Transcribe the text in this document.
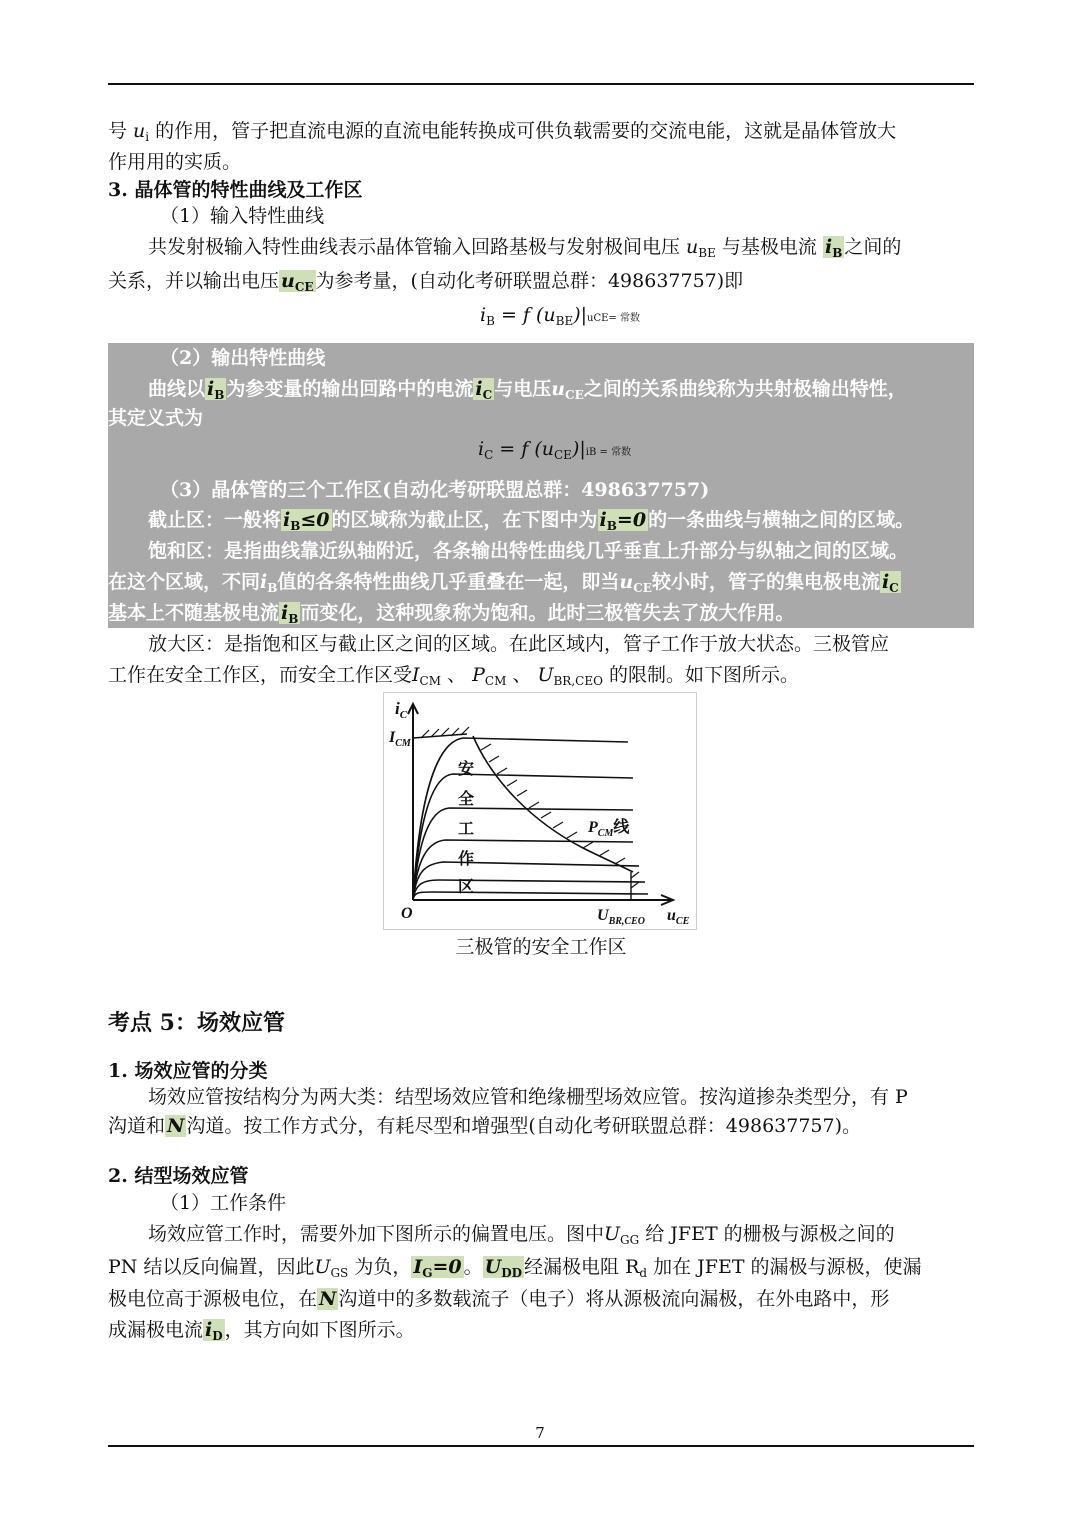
号 $u_i$ 的作用，管子把直流电源的直流电能转换成可供负载需要的交流电能，这就是晶体管放大
作用用的实质。
3. 晶体管的特性曲线及工作区
（1）输入特性曲线
共发射极输入特性曲线表示晶体管输入回路基极与发射极间电压 $u_{BE}$ 与基极电流 $i_B$ 之间的
关系，并以输出电压 $u_{CE}$ 为参考量，(自动化考研联盟总群：498637757)即
$i_B = f$ $(u_{BE})|uCE=$ 常数
（2）输出特性曲线
曲线以 $i_B$ 为参变量的输出回路中的电流 $i_C$ 与电压$u_{CE}$之间的关系曲线称为共射极输出特性，
其定义式为
$i_C = f$ $(u_{CE})|iB$ = 常数
（3）晶体管的三个工作区(自动化考研联盟总群：498637757)
截止区：一般将 $i_B\le 0$ 的区域称为截止区，在下图中为 $i_B=0$ 的一条曲线与横轴之间的区域。
饱和区：是指曲线靠近纵轴附近，各条输出特性曲线几乎垂直上升部分与纵轴之间的区域。
在这个区域，不同$i_B$值的各条特性曲线几乎重叠在一起，即当$u_{CE}$较小时，管子的集电极电流 $i_C$
基本上不随基极电流 $i_B$ 而变化，这种现象称为饱和。此时三极管失去了放大作用。
放大区：是指饱和区与截止区之间的区域。在此区域内，管子工作于放大状态。三极管应
工作在安全工作区，而安全工作区受$I_{CM}$ 、 $P_{CM}$ 、 $U_{BR,CEO}$ 的限制。如下图所示。
$i_C$
$I_{CM}$
安
全
工
作
区
$P_{CM}$线
O	$U_{BR,CEO}$ $u_{CE}$
三极管的安全工作区
考点 5：场效应管
1. 场效应管的分类
场效应管按结构分为两大类：结型场效应管和绝缘栅型场效应管。按沟道掺杂类型分，有 P
沟道和 N 沟道。按工作方式分，有耗尽型和增强型(自动化考研联盟总群：498637757)。
2. 结型场效应管
（1）工作条件
场效应管工作时，需要外加下图所示的偏置电压。图中$U_{GG}$ 给 JFET 的栅极与源极之间的
PN 结以反向偏置，因此$U_{GS}$ 为负， $I_G=0$ 。 $U_{DD}$ 经漏极电阻 $R_d$ 加在 JFET 的漏极与源极，使漏
极电位高于源极电位，在 N 沟道中的多数载流子（电子）将从源极流向漏极，在外电路中，形
成漏极电流 $i_D$ ，其方向如下图所示。
7
